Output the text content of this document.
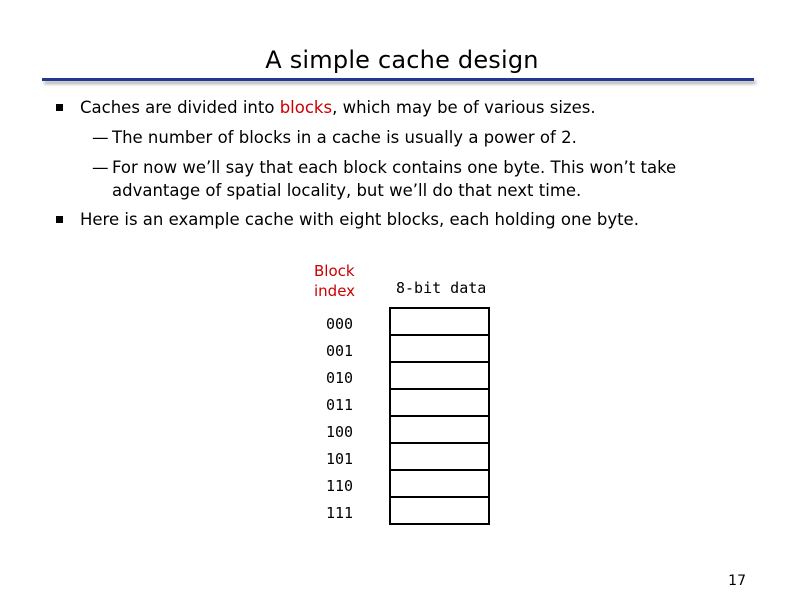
A simple cache design
Caches are divided into blocks, which may be of various sizes.
— The number of blocks in a cache is usually a power of 2.
— For now we’ll say that each block contains one byte. This won’t take
advantage of spatial locality, but we’ll do that next time.
Here is an example cache with eight blocks, each holding one byte.
Block
index	8-bit data
000
001
010
011
100
101
110
111
17
